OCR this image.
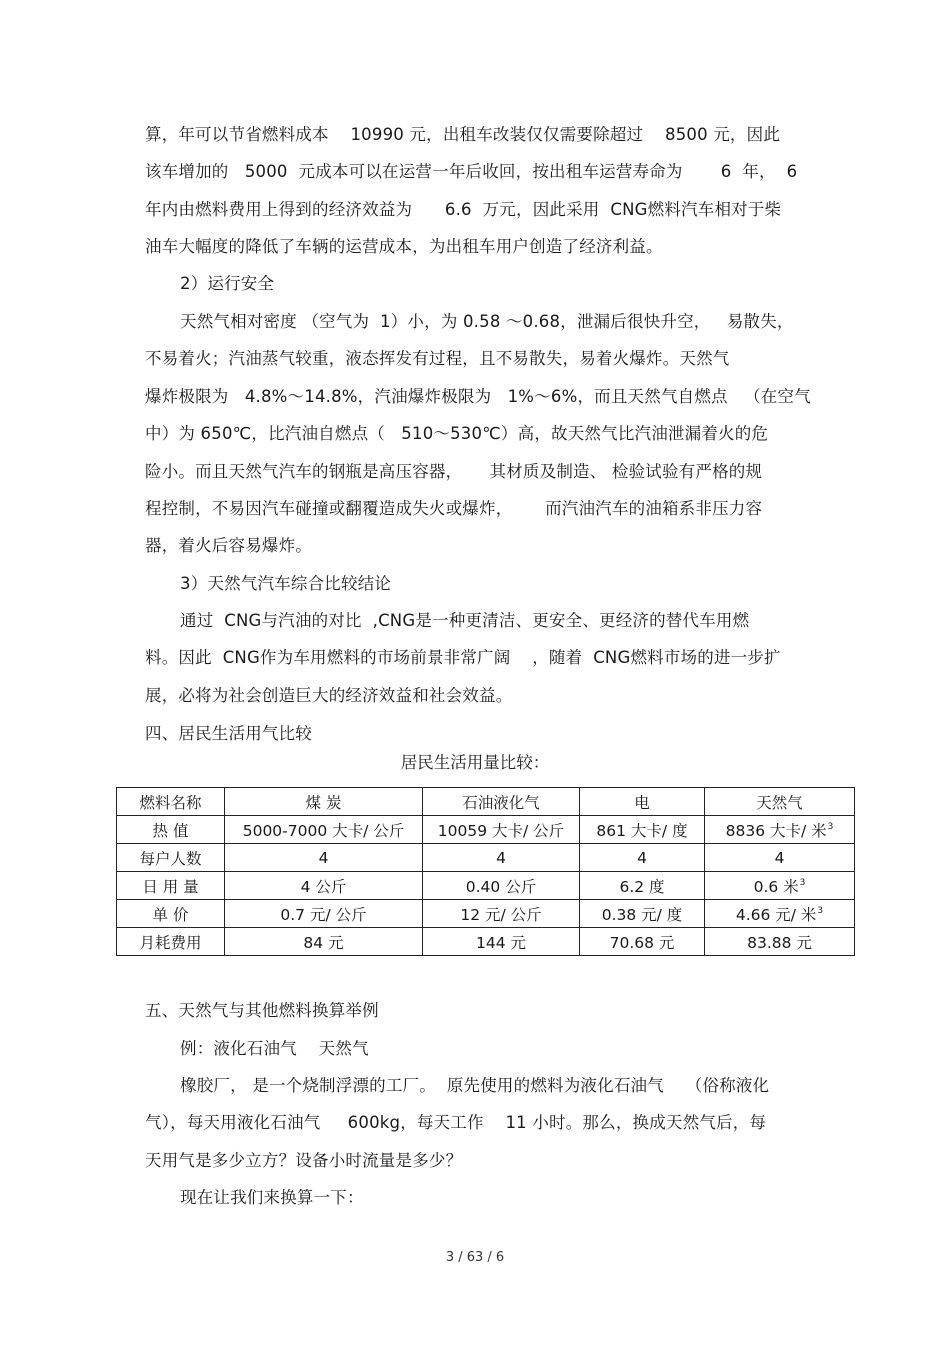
算，年可以节省燃料成本    10990 元，出租车改装仅仅需要除超过    8500 元，因此
该车增加的   5000  元成本可以在运营一年后收回，按出租车运营寿命为       6  年，  6
年内由燃料费用上得到的经济效益为      6.6  万元，因此采用  CNG燃料汽车相对于柴
油车大幅度的降低了车辆的运营成本，为出租车用户创造了经济利益。
2）运行安全
天然气相对密度 （空气为  1）小，为 0.58 ～0.68，泄漏后很快升空，   易散失，
不易着火；汽油蒸气较重，液态挥发有过程，且不易散失，易着火爆炸。天然气
爆炸极限为   4.8%～14.8%，汽油爆炸极限为   1%～6%，而且天然气自燃点   （在空气
中）为 650℃，比汽油自燃点（   510～530℃）高，故天然气比汽油泄漏着火的危
险小。而且天然气汽车的钢瓶是高压容器，     其材质及制造、 检验试验有严格的规
程控制，不易因汽车碰撞或翻覆造成失火或爆炸，      而汽油汽车的油箱系非压力容
器，着火后容易爆炸。
3）天然气汽车综合比较结论
通过  CNG与汽油的对比  ,CNG是一种更清洁、更安全、更经济的替代车用燃
料。因此  CNG作为车用燃料的市场前景非常广阔    ，随着  CNG燃料市场的进一步扩
展，必将为社会创造巨大的经济效益和社会效益。
四、居民生活用气比较
居民生活用量比较：
燃料名称	煤 炭	石油液化气	电	天然气
热 值	5000-7000 大卡/ 公斤	10059 大卡/ 公斤	861 大卡/ 度	8836 大卡/ 米$^3$
每户人数	4	4	4	4
日 用 量	4 公斤	0.40 公斤	6.2 度	0.6 米$^3$
单 价	0.7 元/ 公斤	12 元/ 公斤	0.38 元/ 度	4.66 元/ 米$^3$
月耗费用	84 元	144 元	70.68 元	83.88 元
五、天然气与其他燃料换算举例
例：液化石油气    天然气
橡胶厂， 是一个烧制浮漂的工厂。  原先使用的燃料为液化石油气    （俗称液化
气），每天用液化石油气     600kg，每天工作    11 小时。那么，换成天然气后，每
天用气是多少立方？设备小时流量是多少？
现在让我们来换算一下：
3 / 63 / 6
